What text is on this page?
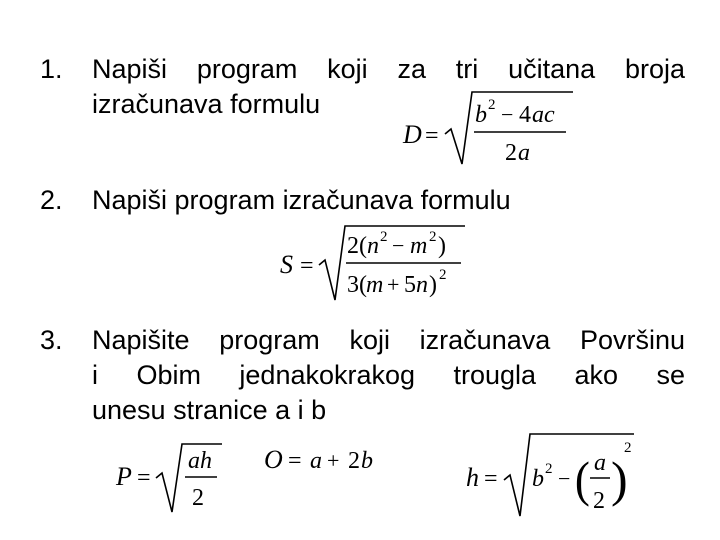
1. Napiši program koji za tri učitana broja
izračunava formulu
D =
b 2 − 4 ac
2 a
2. Napiši program izračunava formulu
S =
2( n 2 − m 2 )
3( m + 5 n ) 2
3. Napišite program koji izračunava Površinu
i Obim jednakokrakog trougla ako se
unesu stranice a i b
P =
ah
2
O = a + 2 b
h = b 2 − ( a
2 )
2
